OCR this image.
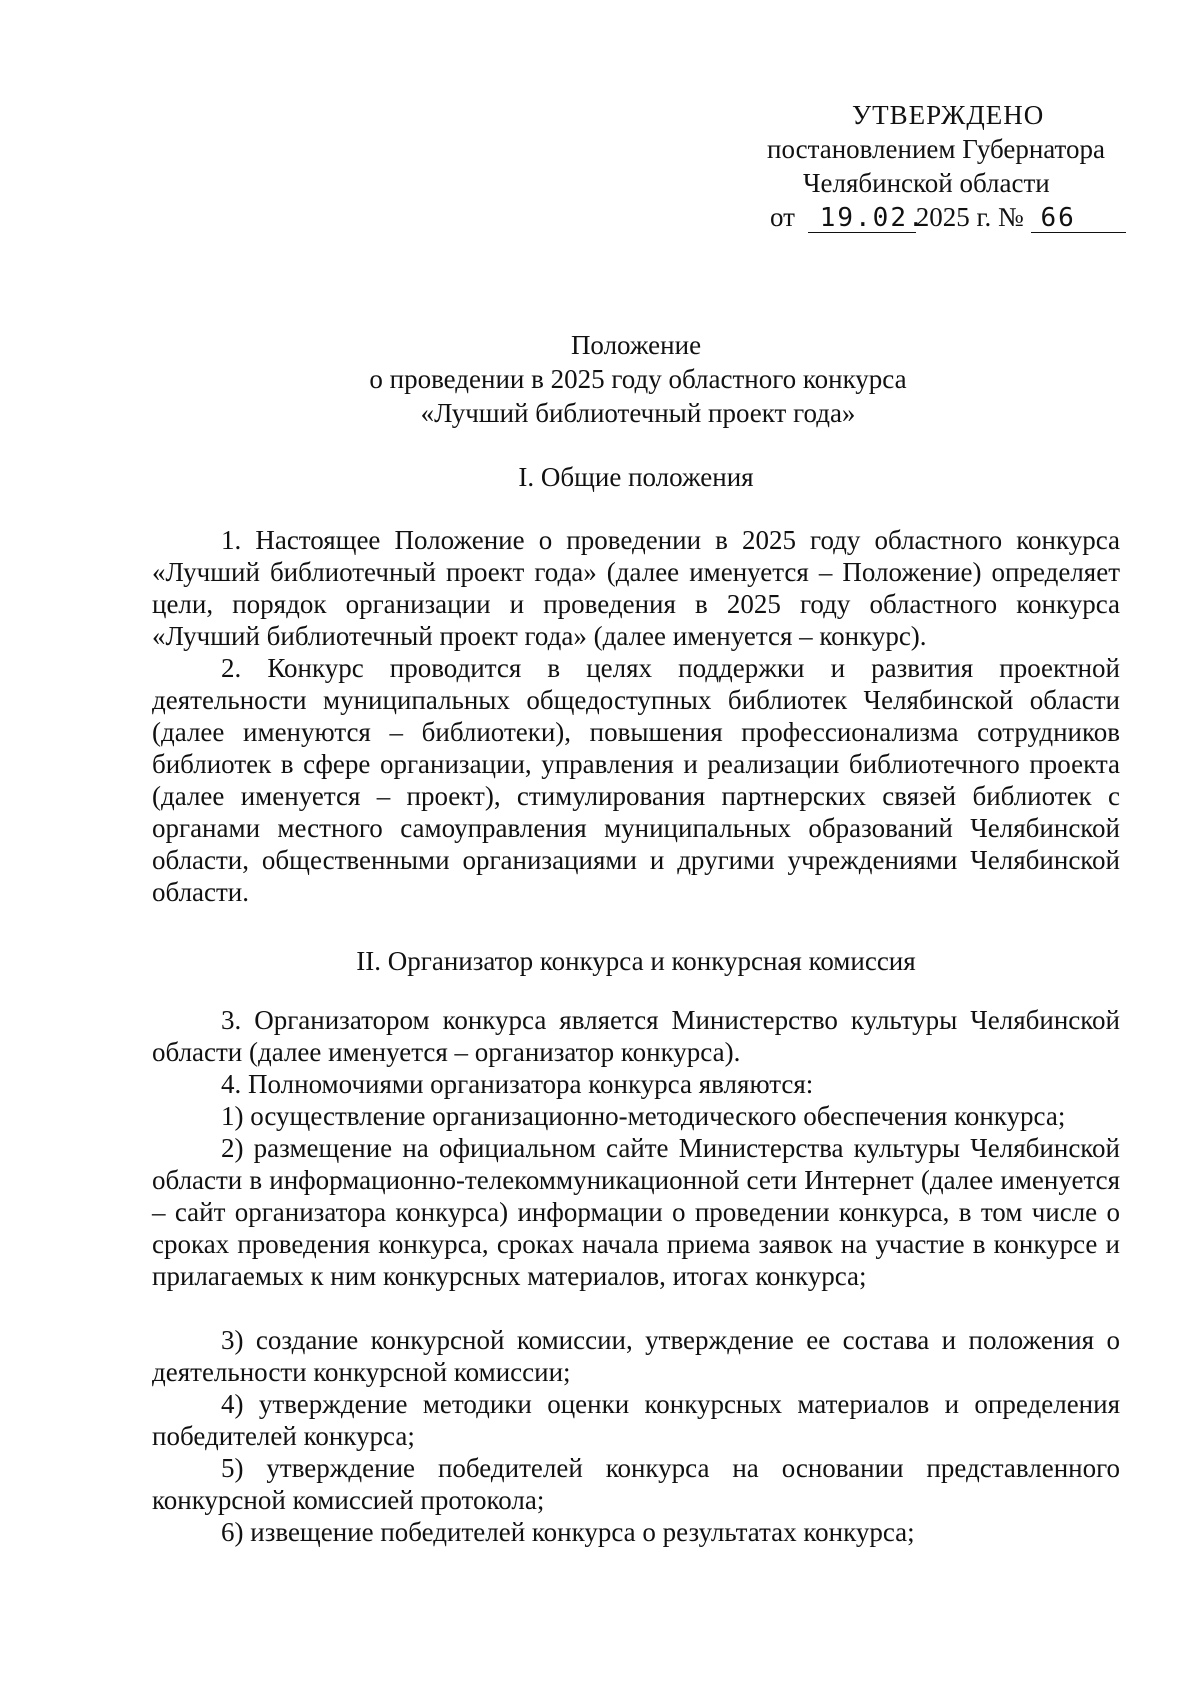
УТВЕРЖДЕНО
постановлением Губернатора
Челябинской области
от 19.02.2025 г. № 66
Положение
о проведении в 2025 году областного конкурса
«Лучший библиотечный проект года»
I. Общие положения
1. Настоящее Положение о проведении в 2025 году областного конкурса «Лучший библиотечный проект года» (далее именуется – Положение) определяет цели, порядок организации и проведения в 2025 году областного конкурса «Лучший библиотечный проект года» (далее именуется – конкурс).
2. Конкурс проводится в целях поддержки и развития проектной деятельности муниципальных общедоступных библиотек Челябинской области (далее именуются – библиотеки), повышения профессионализма сотрудников библиотек в сфере организации, управления и реализации библиотечного проекта (далее именуется – проект), стимулирования партнерских связей библиотек с органами местного самоуправления муниципальных образований Челябинской области, общественными организациями и другими учреждениями Челябинской области.
II. Организатор конкурса и конкурсная комиссия
3. Организатором конкурса является Министерство культуры Челябинской области (далее именуется – организатор конкурса).
4. Полномочиями организатора конкурса являются:
1) осуществление организационно-методического обеспечения конкурса;
2) размещение на официальном сайте Министерства культуры Челябинской области в информационно-телекоммуникационной сети Интернет (далее именуется – сайт организатора конкурса) информации о проведении конкурса, в том числе о сроках проведения конкурса, сроках начала приема заявок на участие в конкурсе и прилагаемых к ним конкурсных материалов, итогах конкурса;
3) создание конкурсной комиссии, утверждение ее состава и положения о деятельности конкурсной комиссии;
4) утверждение методики оценки конкурсных материалов и определения победителей конкурса;
5) утверждение победителей конкурса на основании представленного конкурсной комиссией протокола;
6) извещение победителей конкурса о результатах конкурса;
